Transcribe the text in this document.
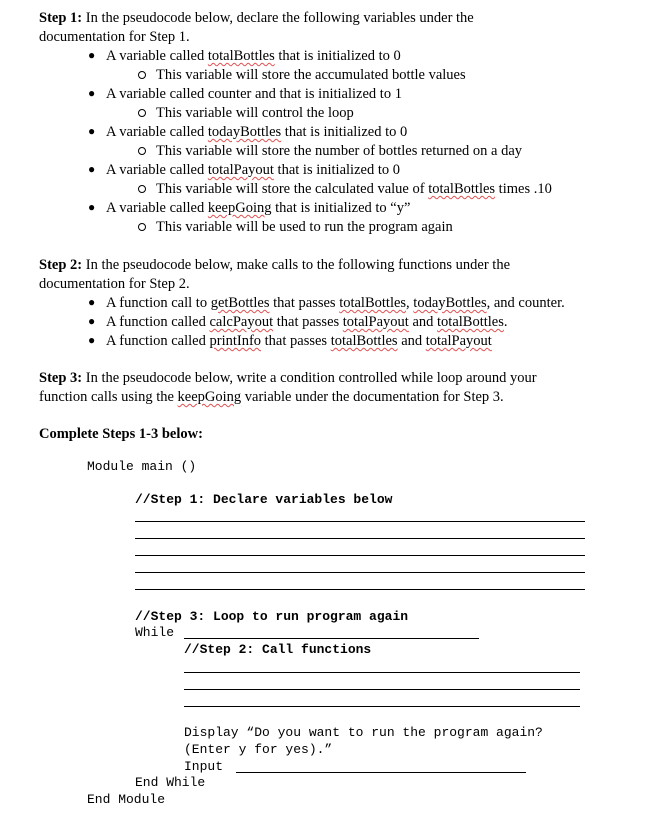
Step 1: In the pseudocode below, declare the following variables under the
documentation for Step 1.
● A variable called totalBottles that is initialized to 0
This variable will store the accumulated bottle values
● A variable called counter and that is initialized to 1
This variable will control the loop
● A variable called todayBottles that is initialized to 0
This variable will store the number of bottles returned on a day
● A variable called totalPayout that is initialized to 0
This variable will store the calculated value of totalBottles times .10
● A variable called keepGoing that is initialized to “y”
This variable will be used to run the program again
Step 2: In the pseudocode below, make calls to the following functions under the
documentation for Step 2.
● A function call to getBottles that passes totalBottles, todayBottles, and counter.
● A function called calcPayout that passes totalPayout and totalBottles.
● A function called printInfo that passes totalBottles and totalPayout
Step 3: In the pseudocode below, write a condition controlled while loop around your
function calls using the keepGoing variable under the documentation for Step 3.
Complete Steps 1-3 below:
Module main ()
//Step 1: Declare variables below
//Step 3: Loop to run program again
While
//Step 2: Call functions
Display “Do you want to run the program again?
(Enter y for yes).”
Input
End While
End Module
